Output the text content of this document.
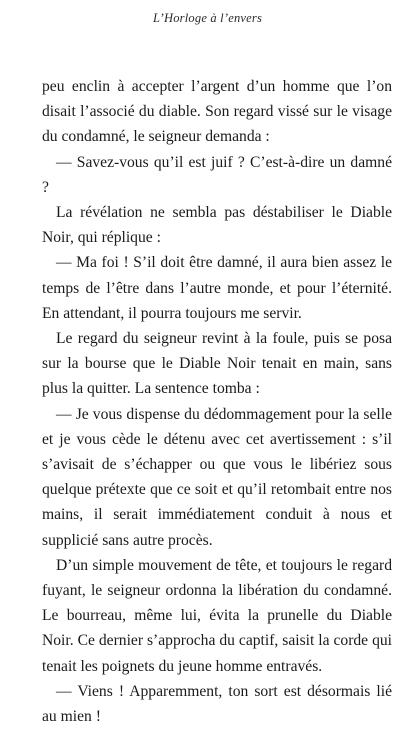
L’Horloge à l’envers

peu enclin à accepter l’argent d’un homme que l’on disait l’associé du diable. Son regard vissé sur le visage du condamné, le seigneur demanda :

— Savez-vous qu’il est juif ? C’est-à-dire un damné ?

La révélation ne sembla pas déstabiliser le Diable Noir, qui réplique :

— Ma foi ! S’il doit être damné, il aura bien assez le temps de l’être dans l’autre monde, et pour l’éternité. En attendant, il pourra toujours me servir.

Le regard du seigneur revint à la foule, puis se posa sur la bourse que le Diable Noir tenait en main, sans plus la quitter. La sentence tomba :

— Je vous dispense du dédommagement pour la selle et je vous cède le détenu avec cet avertissement : s’il s’avisait de s’échapper ou que vous le libériez sous quelque prétexte que ce soit et qu’il retombait entre nos mains, il serait immédiatement conduit à nous et supplicié sans autre procès.

D’un simple mouvement de tête, et toujours le regard fuyant, le seigneur ordonna la libération du condamné. Le bourreau, même lui, évita la prunelle du Diable Noir. Ce dernier s’approcha du captif, saisit la corde qui tenait les poignets du jeune homme entravés.

— Viens ! Apparemment, ton sort est désormais lié au mien !
